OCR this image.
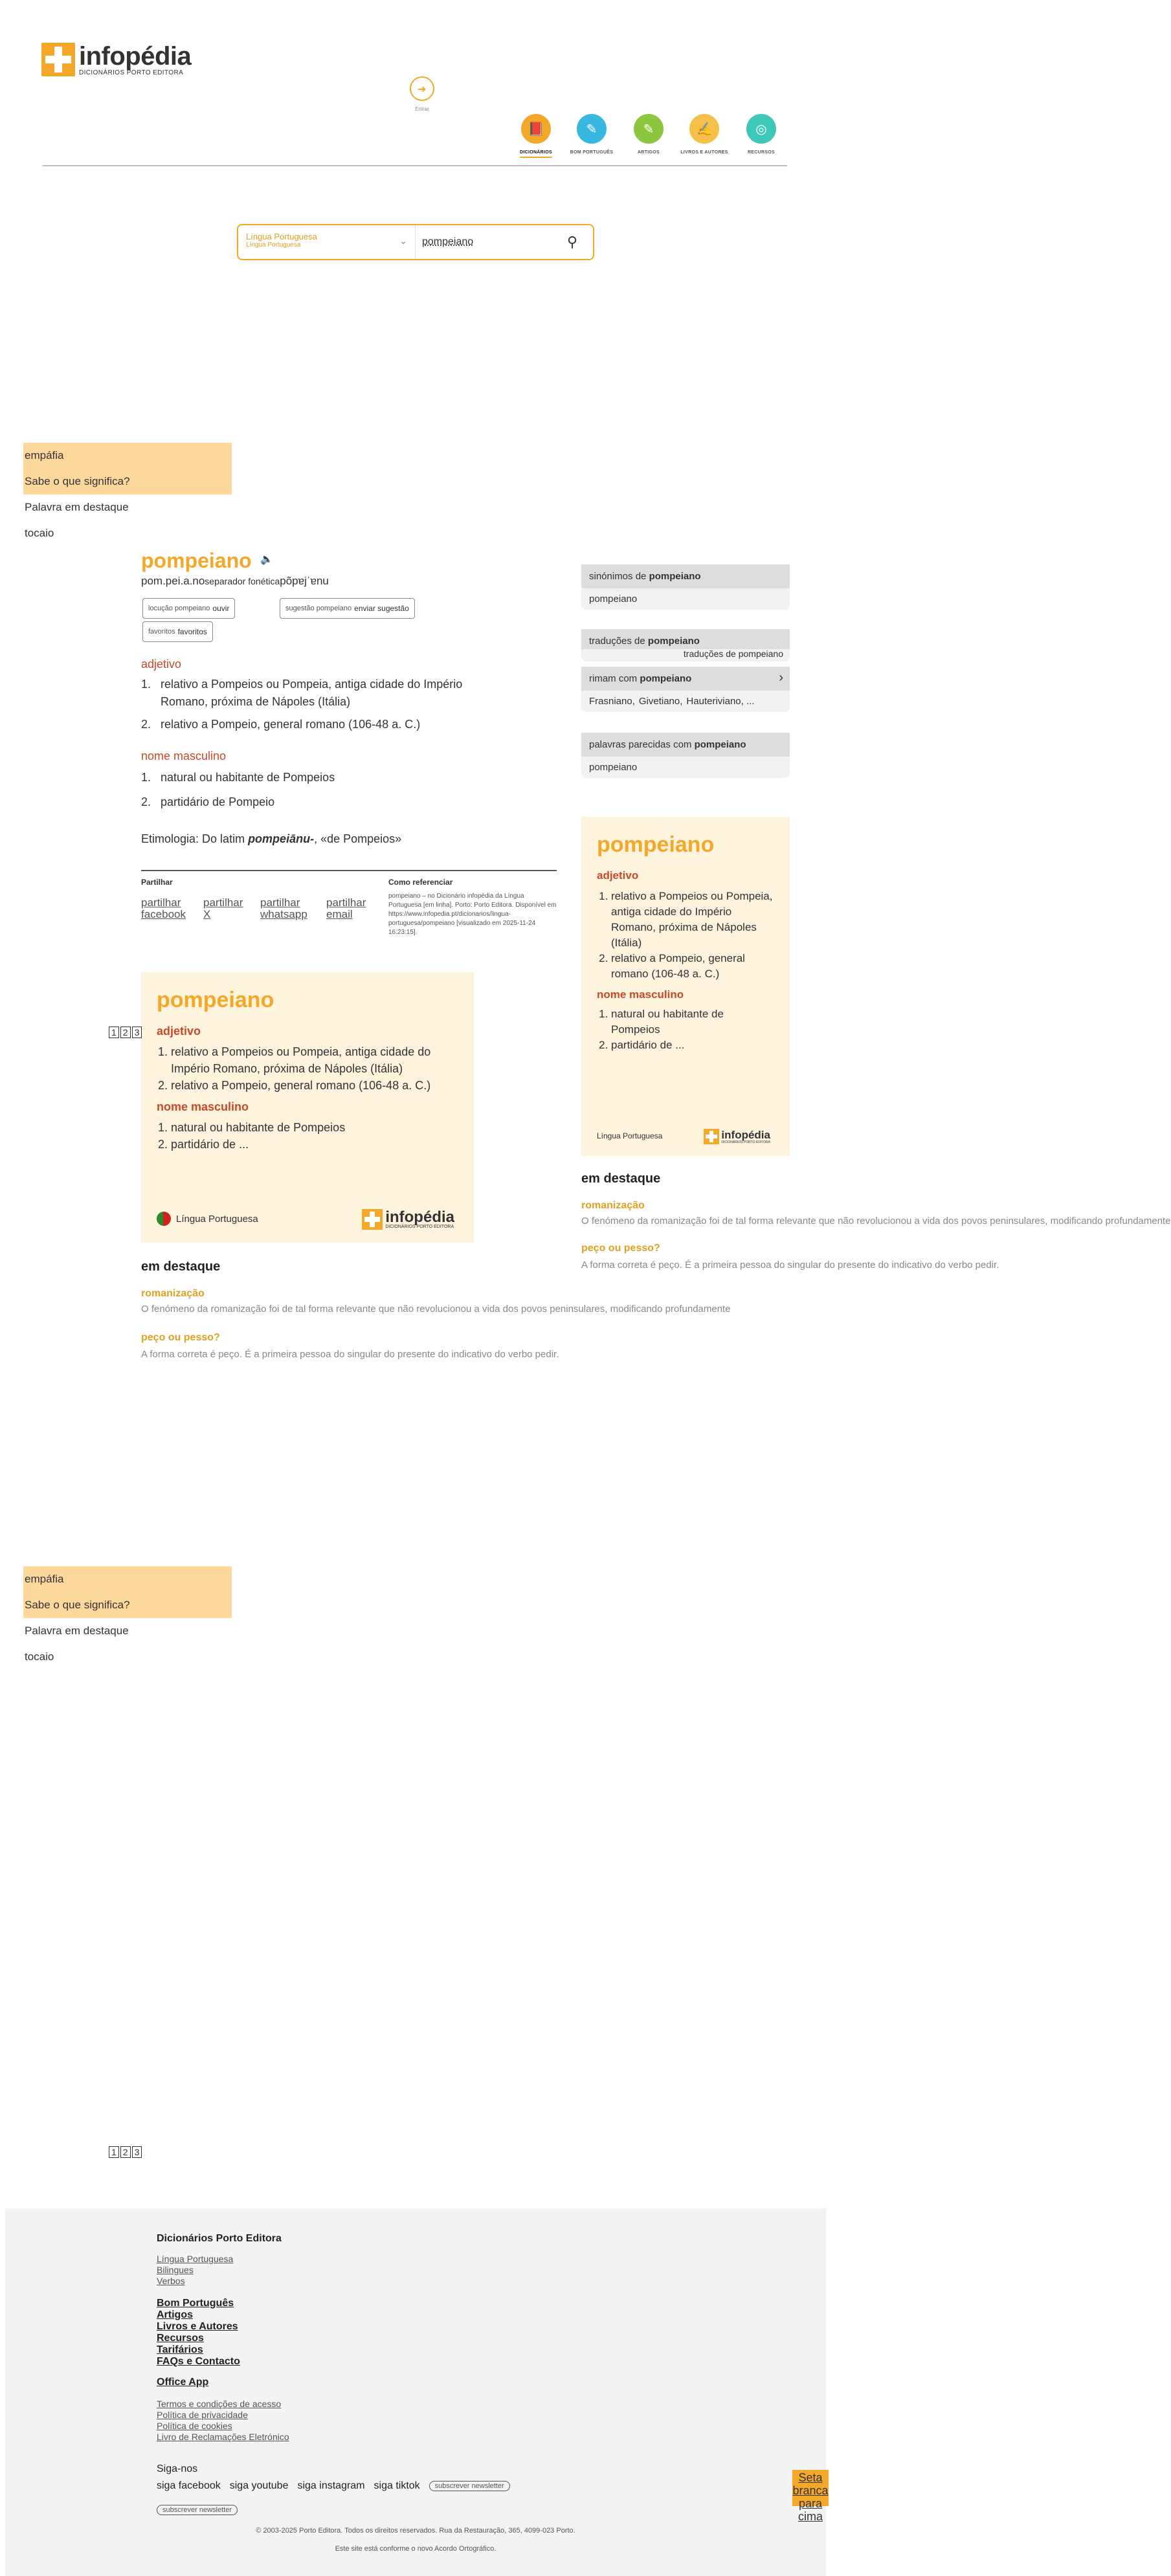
infopédia
DICIONÁRIOS PORTO EDITORA
➜
Entrar
📕
DICIONÁRIOS
✎
BOM PORTUGUÊS
✎
ARTIGOS
✍
LIVROS E AUTORES
◎
RECURSOS
Língua Portuguesa
Língua Portuguesa	⌄	pompeiano	⚲
empáfia
Sabe o que significa?
Palavra em destaque
tocaio
pompeiano 🔈
pom.pei.a.noseparador fonéticapõpɐjˈɐnu
locução pompeiano ouvir	sugestão pompeiano enviar sugestão
favoritos favoritos
adjetivo
1. relativo a Pompeios ou Pompeia, antiga cidade do Império Romano, próxima de Nápoles (Itália)
2. relativo a Pompeio, general romano (106-48 a. C.)
nome masculino
1. natural ou habitante de Pompeios
2. partidário de Pompeio
Etimologia: Do latim pompeiānu-, «de Pompeios»
Partilhar
partilhar facebook
partilhar X
partilhar whatsapp
partilhar email
Como referenciar
pompeiano – no Dicionário infopédia da Língua Portuguesa [em linha]. Porto: Porto Editora. Disponível em https://www.infopedia.pt/dicionarios/lingua-portuguesa/pompeiano [visualizado em 2025-11-24 16:23:15].
pompeiano
adjetivo
1. relativo a Pompeios ou Pompeia, antiga cidade do Império Romano, próxima de Nápoles (Itália)
2. relativo a Pompeio, general romano (106-48 a. C.)
nome masculino
1. natural ou habitante de Pompeios
2. partidário de ...
Língua Portuguesa	infopédia
DICIONÁRIOS PORTO EDITORA
1 2 3
em destaque
romanização
O fenómeno da romanização foi de tal forma relevante que não revolucionou a vida dos povos peninsulares, modificando profundamente
peço ou pesso?
A forma correta é peço. É a primeira pessoa do singular do presente do indicativo do verbo pedir.
sinónimos de pompeiano
pompeiano
traduções de pompeiano
traduções de pompeiano
rimam com pompeiano	›
Frasniano, Givetiano, Hauteriviano, ...
palavras parecidas com pompeiano
pompeiano
pompeiano
adjetivo
1. relativo a Pompeios ou Pompeia, antiga cidade do Império Romano, próxima de Nápoles (Itália)
2. relativo a Pompeio, general romano (106-48 a. C.)
nome masculino
1. natural ou habitante de Pompeios
2. partidário de ...
Língua Portuguesa	infopédia
DICIONÁRIOS PORTO EDITORA
em destaque
romanização
O fenómeno da romanização foi de tal forma relevante que não revolucionou a vida dos povos peninsulares, modificando profundamente
peço ou pesso?
A forma correta é peço. É a primeira pessoa do singular do presente do indicativo do verbo pedir.
empáfia
Sabe o que significa?
Palavra em destaque
tocaio
1 2 3
Dicionários Porto Editora
Língua Portuguesa
Bilingues
Verbos
Bom Português
Artigos
Livros e Autores
Recursos
Tarifários
FAQs e Contacto
Office App
Termos e condições de acesso
Política de privacidade
Política de cookies
Livro de Reclamações Eletrónico
Siga-nos
siga facebook siga youtube siga instagram siga tiktok	subscrever newsletter
subscrever newsletter
© 2003-2025 Porto Editora. Todos os direitos reservados. Rua da Restauração, 365, 4099-023 Porto.
Este site está conforme o novo Acordo Ortográfico.
Seta branca para cima
